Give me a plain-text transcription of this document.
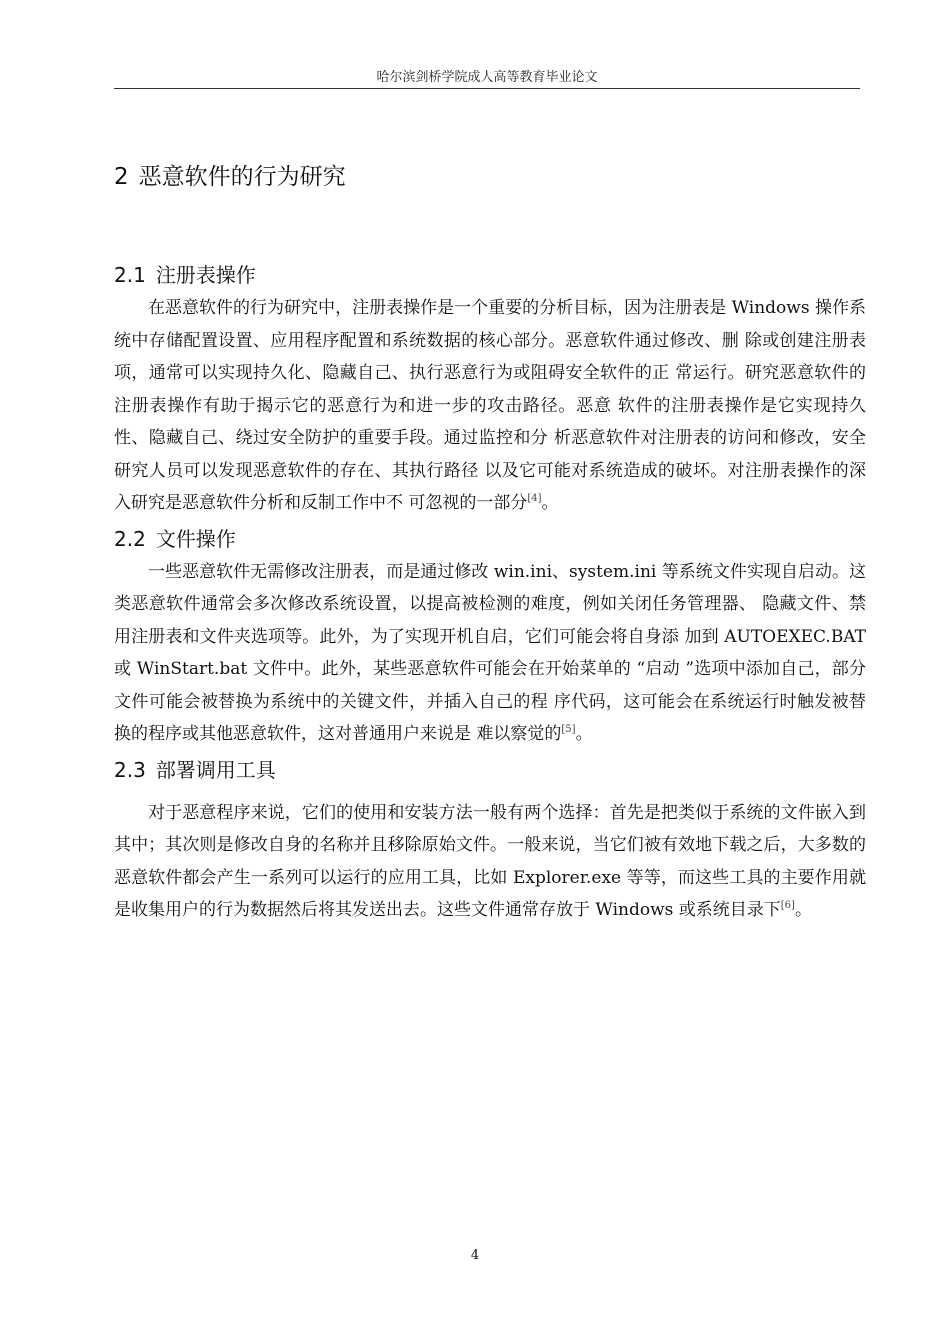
哈尔滨剑桥学院成人高等教育毕业论文
2 恶意软件的行为研究
2.1 注册表操作

在恶意软件的行为研究中，注册表操作是一个重要的分析目标，因为注册表是 Windows 操作系统中存储配置设置、应用程序配置和系统数据的核心部分。恶意软件通过修改、删 除或创建注册表项，通常可以实现持久化、隐藏自己、执行恶意行为或阻碍安全软件的正 常运行。研究恶意软件的注册表操作有助于揭示它的恶意行为和进一步的攻击路径。恶意 软件的注册表操作是它实现持久性、隐藏自己、绕过安全防护的重要手段。通过监控和分 析恶意软件对注册表的访问和修改，安全研究人员可以发现恶意软件的存在、其执行路径 以及它可能对系统造成的破坏。对注册表操作的深入研究是恶意软件分析和反制工作中不 可忽视的一部分[4]。

2.2 文件操作

一些恶意软件无需修改注册表，而是通过修改 win.ini、system.ini 等系统文件实现自启动。这类恶意软件通常会多次修改系统设置，以提高被检测的难度，例如关闭任务管理器、 隐藏文件、禁用注册表和文件夹选项等。此外，为了实现开机自启，它们可能会将自身添 加到 AUTOEXEC.BAT 或 WinStart.bat 文件中。此外，某些恶意软件可能会在开始菜单的 “启动 ”选项中添加自己，部分文件可能会被替换为系统中的关键文件，并插入自己的程 序代码，这可能会在系统运行时触发被替换的程序或其他恶意软件，这对普通用户来说是 难以察觉的[5]。

2.3 部署调用工具

对于恶意程序来说，它们的使用和安装方法一般有两个选择：首先是把类似于系统的文件嵌入到其中；其次则是修改自身的名称并且移除原始文件。一般来说，当它们被有效地下载之后，大多数的恶意软件都会产生一系列可以运行的应用工具，比如 Explorer.exe 等等，而这些工具的主要作用就是收集用户的行为数据然后将其发送出去。这些文件通常存放于 Windows 或系统目录下[6]。

4
